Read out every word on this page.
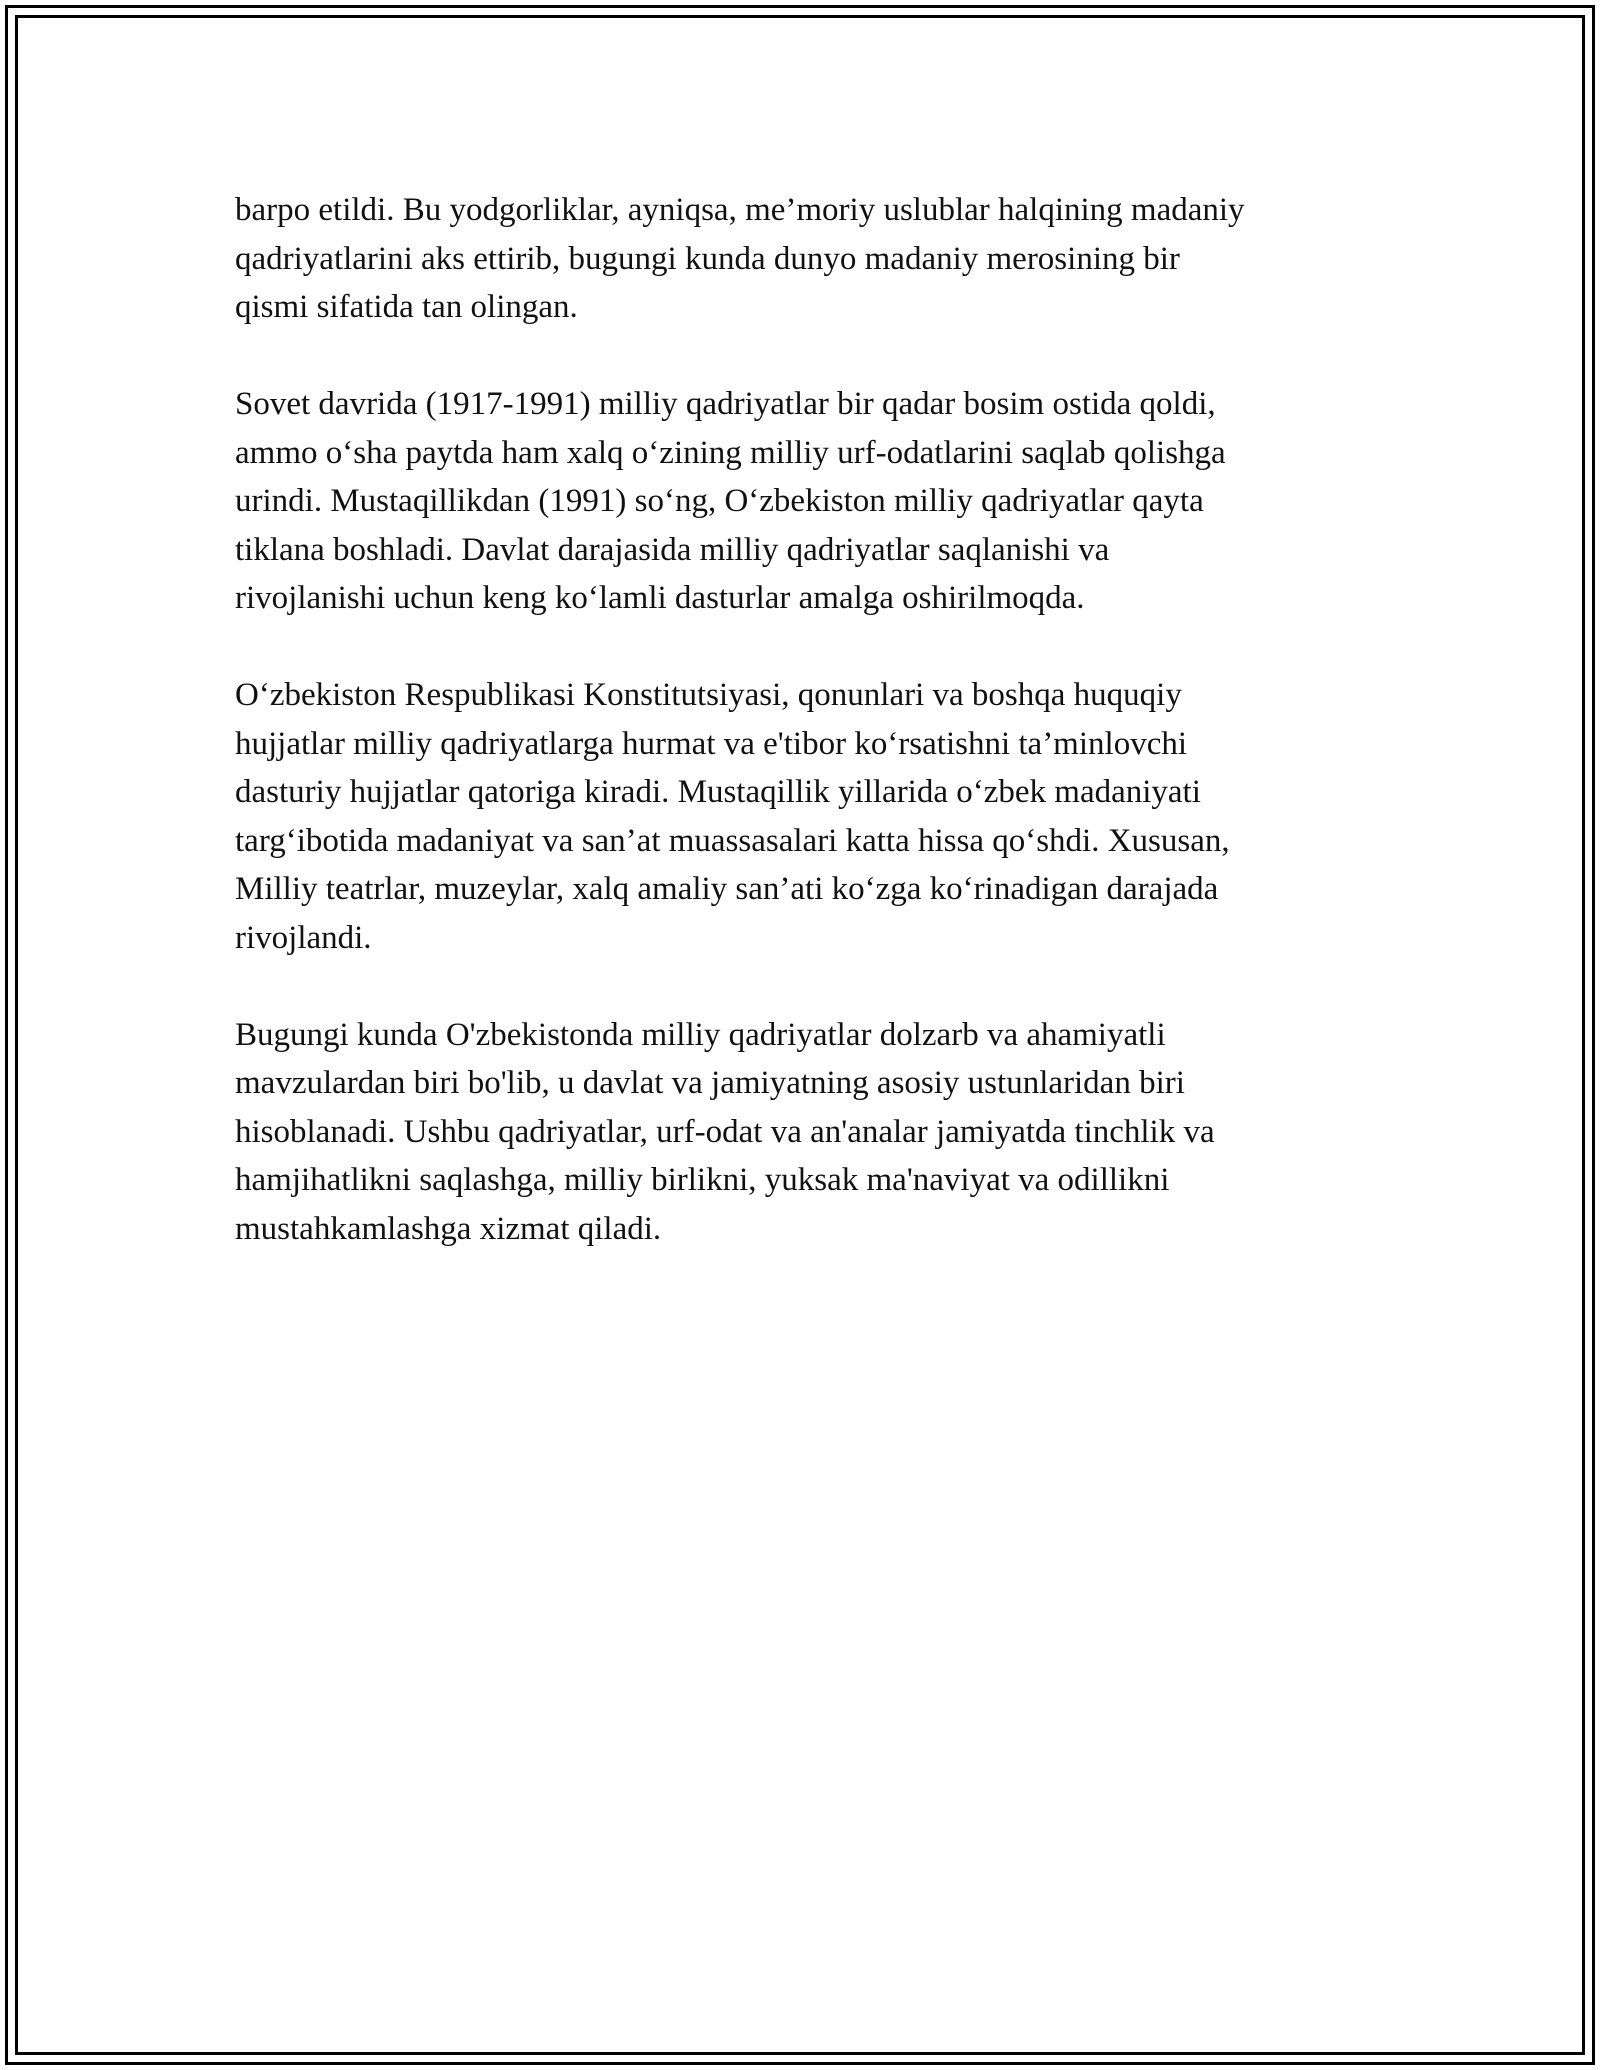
barpo etildi. Bu yodgorliklar, ayniqsa, me’moriy uslublar halqining madaniy
qadriyatlarini aks ettirib, bugungi kunda dunyo madaniy merosining bir
qismi sifatida tan olingan.

Sovet davrida (1917-1991) milliy qadriyatlar bir qadar bosim ostida qoldi,
ammo o‘sha paytda ham xalq o‘zining milliy urf-odatlarini saqlab qolishga
urindi. Mustaqillikdan (1991) so‘ng, O‘zbekiston milliy qadriyatlar qayta
tiklana boshladi. Davlat darajasida milliy qadriyatlar saqlanishi va
rivojlanishi uchun keng ko‘lamli dasturlar amalga oshirilmoqda.

O‘zbekiston Respublikasi Konstitutsiyasi, qonunlari va boshqa huquqiy
hujjatlar milliy qadriyatlarga hurmat va e'tibor ko‘rsatishni ta’minlovchi
dasturiy hujjatlar qatoriga kiradi. Mustaqillik yillarida o‘zbek madaniyati
targ‘ibotida madaniyat va san’at muassasalari katta hissa qo‘shdi. Xususan,
Milliy teatrlar, muzeylar, xalq amaliy san’ati ko‘zga ko‘rinadigan darajada
rivojlandi.

Bugungi kunda O'zbekistonda milliy qadriyatlar dolzarb va ahamiyatli
mavzulardan biri bo'lib, u davlat va jamiyatning asosiy ustunlaridan biri
hisoblanadi. Ushbu qadriyatlar, urf-odat va an'analar jamiyatda tinchlik va
hamjihatlikni saqlashga, milliy birlikni, yuksak ma'naviyat va odillikni
mustahkamlashga xizmat qiladi.
